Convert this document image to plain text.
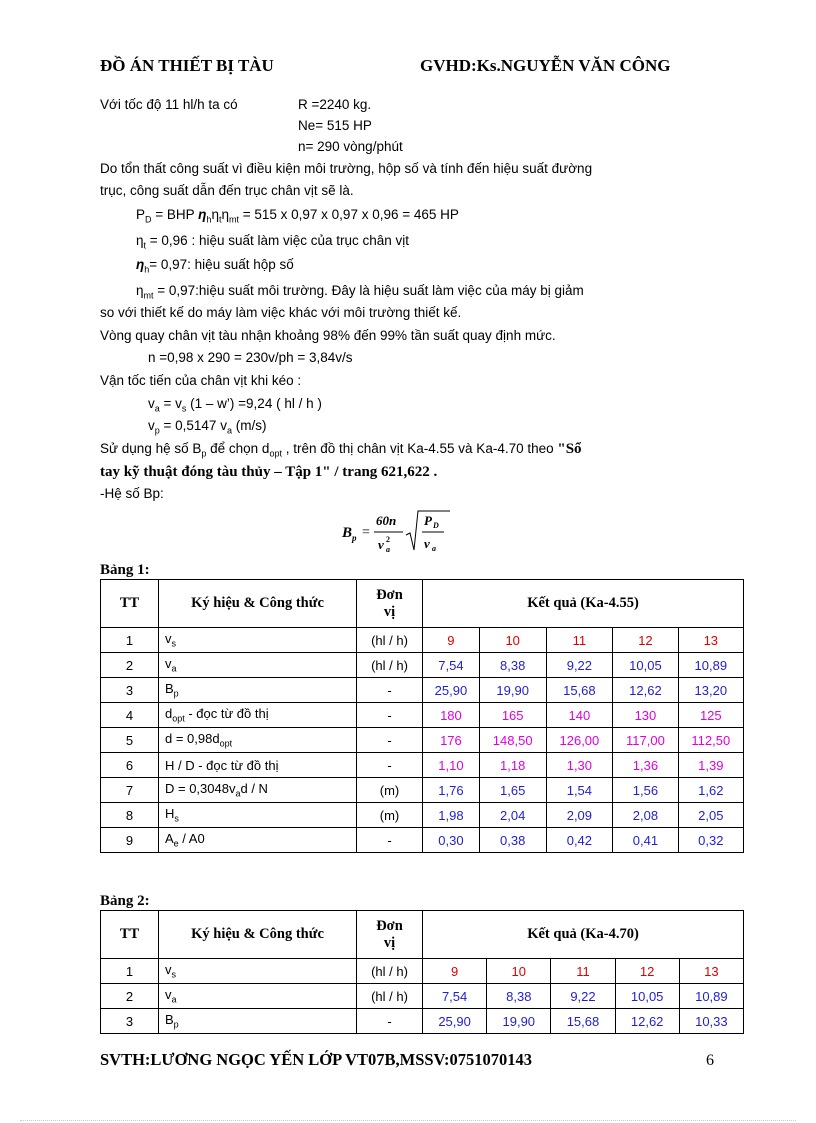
ĐỒ ÁN THIẾT BỊ TÀU	GVHD:Ks.NGUYỄN VĂN CÔNG
Với tốc độ 11 hl/h ta có	R =2240 kg.
Ne= 515 HP
n= 290 vòng/phút
Do tổn thất công suất vì điều kiện môi trường, hộp số và tính đến hiệu suất đường
trục, công suất dẫn đến trục chân vịt sẽ là.
$P_D$ = BHP $\eta_h\eta_t\eta_{mt} = 515$ x 0,97 x 0,97 x 0,96 = 465 HP
$\eta_t = 0,96$ : hiệu suất làm việc của trục chân vịt
$\eta_h= 0,97$: hiệu suất hộp số
$\eta_{mt}$ = 0,97:hiệu suất môi trường. Đây là hiệu suất làm việc của máy bị giảm
so với thiết kế do máy làm việc khác với môi trường thiết kế.
Vòng quay chân vịt tàu nhận khoảng 98% đến 99% tần suất quay định mức.
n =0,98 x 290 = 230v/ph = 3,84v/s
Vận tốc tiến của chân vịt khi kéo :
$v_a = v_s$ (1 – w’) =9,24 ( hl / h )
$v_p = 0,5147$ $v_a$ (m/s)
Sử dụng hệ số $B_p$ để chọn $d_{opt}$ , trên đồ thị chân vịt Ka-4.55 và Ka-4.70 theo "Sổ
tay kỹ thuật đóng tàu thủy – Tập 1" / trang 621,622 .
-Hệ số Bp:
B p =
60n
v a
2
P D
v a
Bảng 1:
TT	Ký hiệu & Công thức	Đơn
vị	Kết quả (Ka-4.55)				
1	$v_s$	(hl / h)	9	10	11	12	13
2	$v_a$	(hl / h)	7,54	8,38	9,22	10,05	10,89
3	$B_p$	-	25,90	19,90	15,68	12,62	13,20
4	$d_{opt}$ - đọc từ đồ thị	-	180	165	140	130	125
5	$d = 0,98d_{opt}$	-	176	148,50	126,00	117,00	112,50
6	H / D - đọc từ đồ thị	-	1,10	1,18	1,30	1,36	1,39
7	$D = 0,3048v_ad / N$	(m)	1,76	1,65	1,54	1,56	1,62
8	$H_s$	(m)	1,98	2,04	2,09	2,08	2,05
9	$A_e / A0$	-	0,30	0,38	0,42	0,41	0,32
Bảng 2:
TT	Ký hiệu & Công thức	Đơn
vị	Kết quả (Ka-4.70)				
1	$v_s$	(hl / h)	9	10	11	12	13
2	$v_a$	(hl / h)	7,54	8,38	9,22	10,05	10,89
3	$B_p$	-	25,90	19,90	15,68	12,62	10,33
SVTH:LƯƠNG NGỌC YẾN LỚP VT07B,MSSV:0751070143	6
